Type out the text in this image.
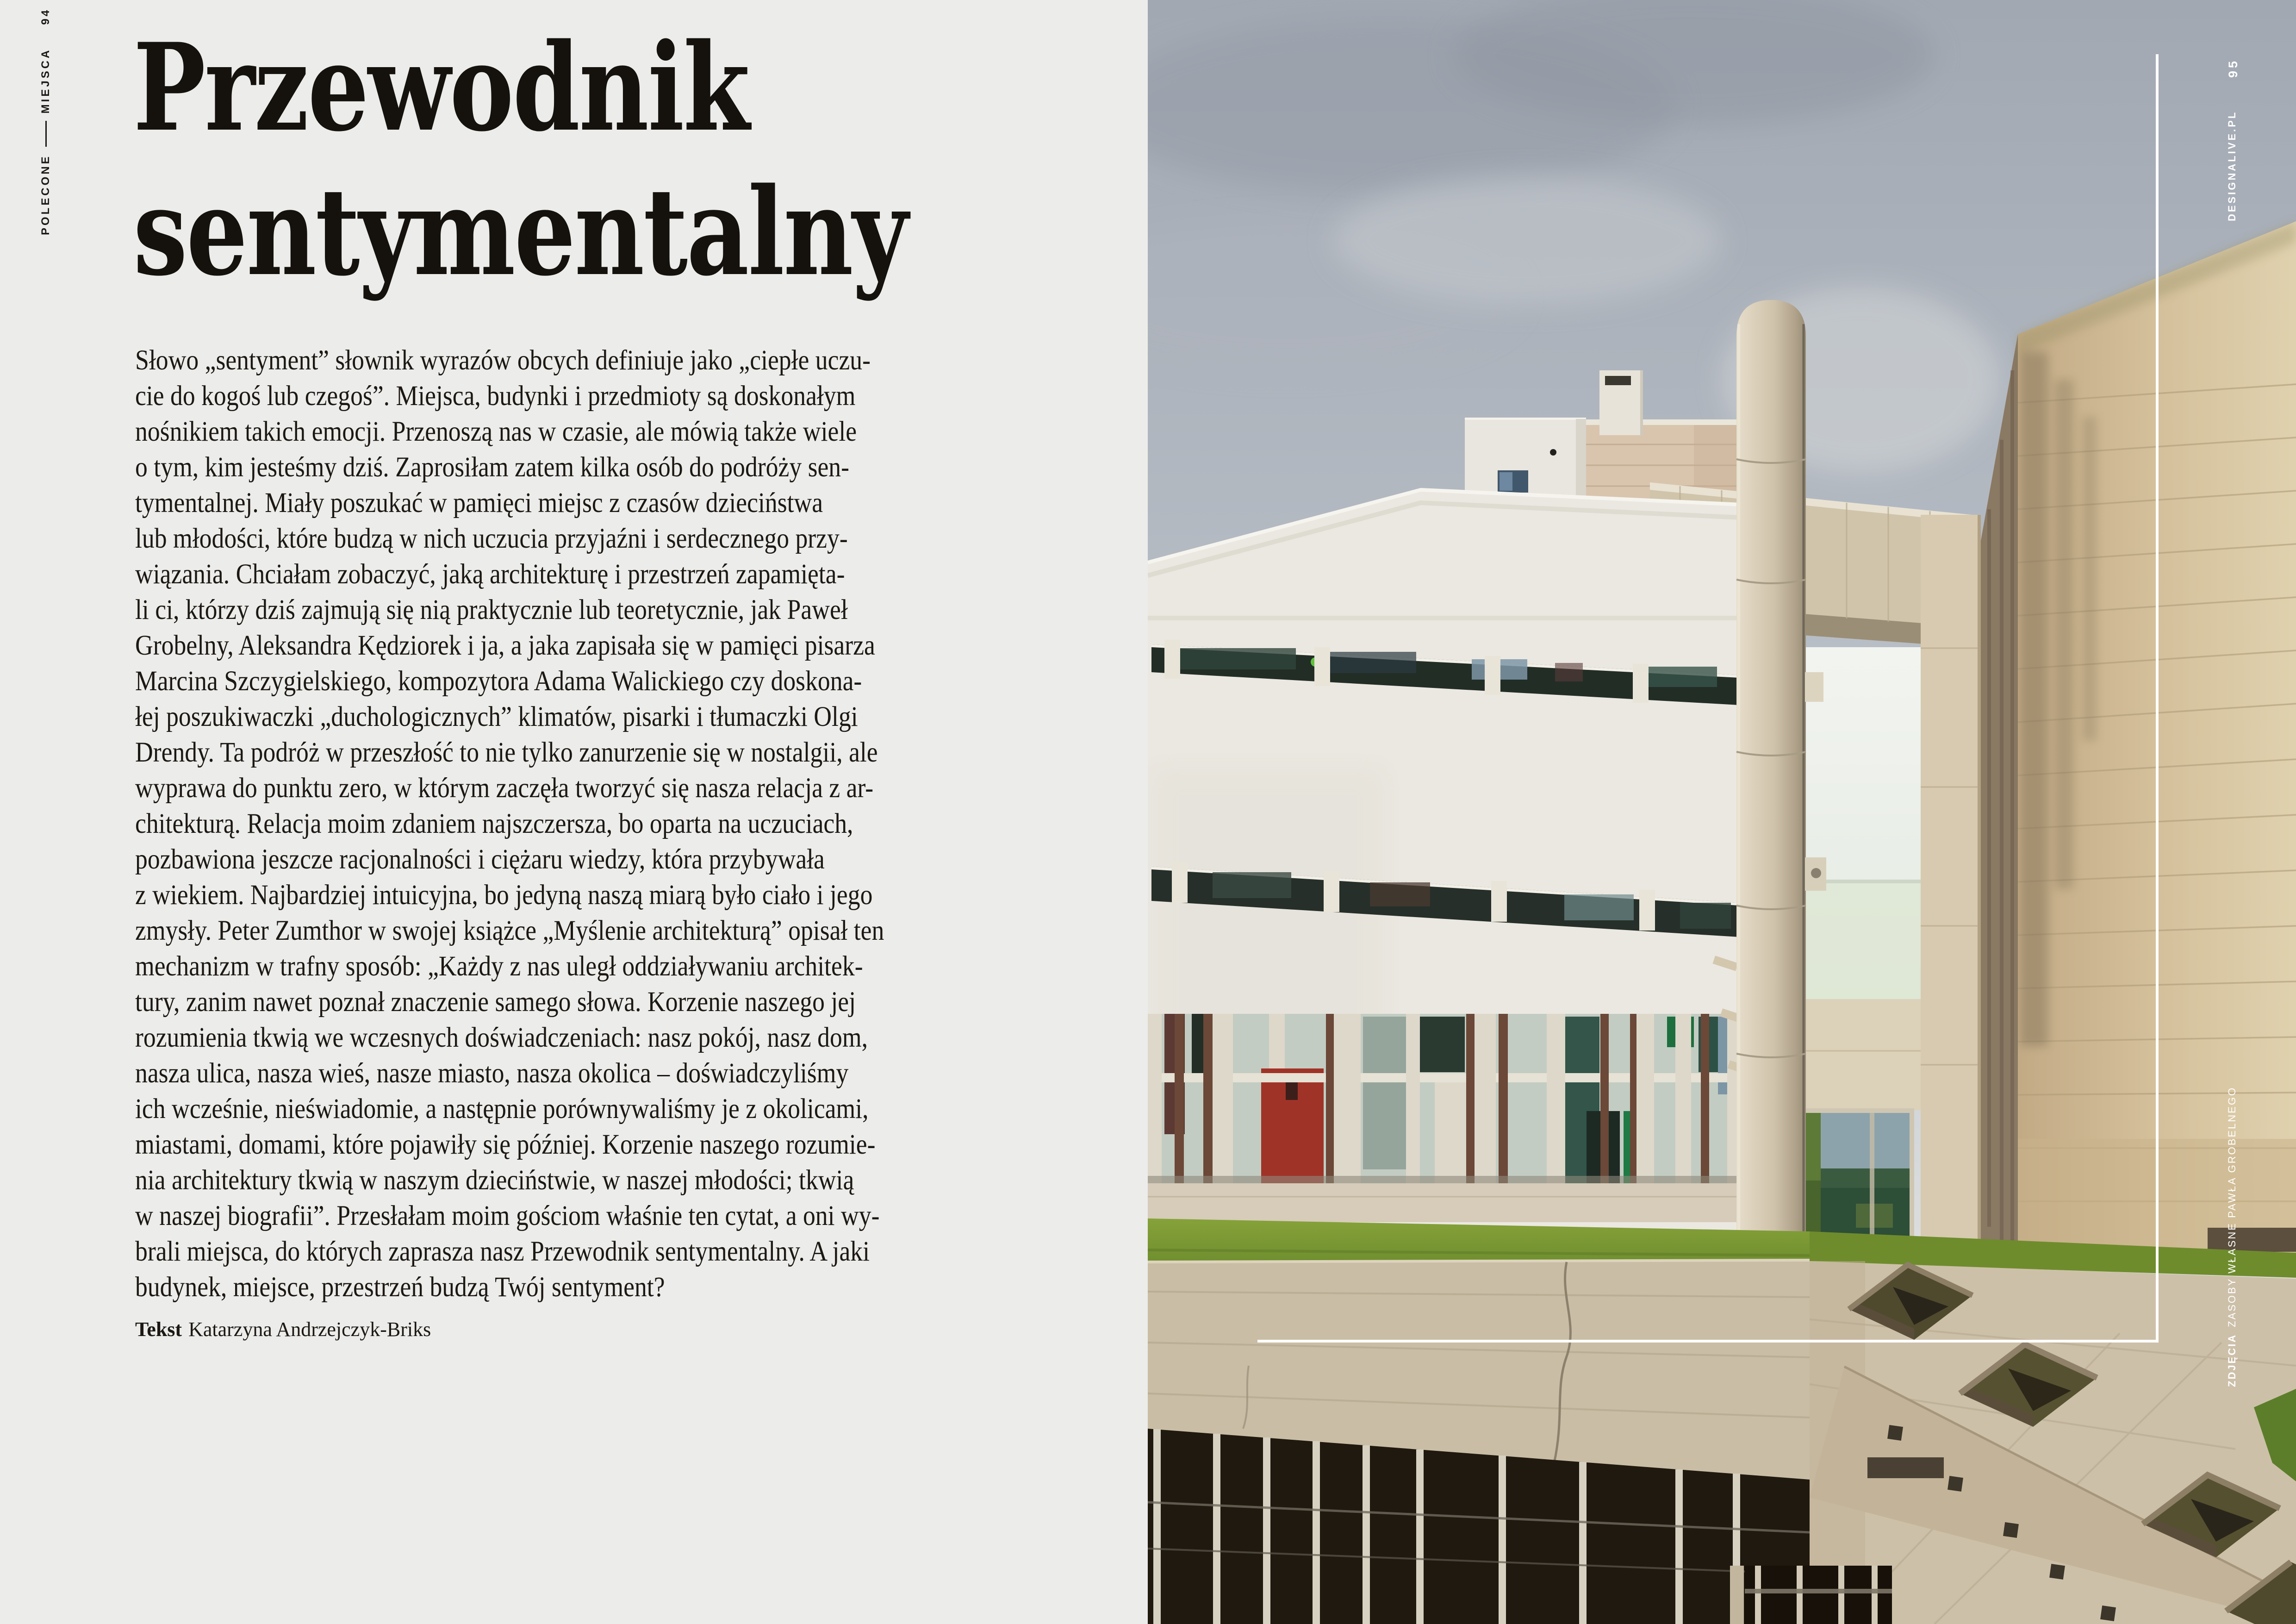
POLECONE
MIEJSCA
94
Przewodnik
sentymentalny
Słowo „sentyment” słownik wyrazów obcych definiuje jako „ciepłe uczu-
cie do kogoś lub czegoś”. Miejsca, budynki i przedmioty są doskonałym
nośnikiem takich emocji. Przenoszą nas w czasie, ale mówią także wiele
o tym, kim jesteśmy dziś. Zaprosiłam zatem kilka osób do podróży sen-
tymentalnej. Miały poszukać w pamięci miejsc z czasów dzieciństwa
lub młodości, które budzą w nich uczucia przyjaźni i serdecznego przy-
wiązania. Chciałam zobaczyć, jaką architekturę i przestrzeń zapamięta-
li ci, którzy dziś zajmują się nią praktycznie lub teoretycznie, jak Paweł
Grobelny, Aleksandra Kędziorek i ja, a jaka zapisała się w pamięci pisarza
Marcina Szczygielskiego, kompozytora Adama Walickiego czy doskona-
łej poszukiwaczki „duchologicznych” klimatów, pisarki i tłumaczki Olgi
Drendy. Ta podróż w przeszłość to nie tylko zanurzenie się w nostalgii, ale
wyprawa do punktu zero, w którym zaczęła tworzyć się nasza relacja z ar-
chitekturą. Relacja moim zdaniem najszczersza, bo oparta na uczuciach,
pozbawiona jeszcze racjonalności i ciężaru wiedzy, która przybywała
z wiekiem. Najbardziej intuicyjna, bo jedyną naszą miarą było ciało i jego
zmysły. Peter Zumthor w swojej książce „Myślenie architekturą” opisał ten
mechanizm w trafny sposób: „Każdy z nas uległ oddziaływaniu architek-
tury, zanim nawet poznał znaczenie samego słowa. Korzenie naszego jej
rozumienia tkwią we wczesnych doświadczeniach: nasz pokój, nasz dom,
nasza ulica, nasza wieś, nasze miasto, nasza okolica – doświadczyliśmy
ich wcześnie, nieświadomie, a następnie porównywaliśmy je z okolicami,
miastami, domami, które pojawiły się później. Korzenie naszego rozumie-
nia architektury tkwią w naszym dzieciństwie, w naszej młodości; tkwią
w naszej biografii”. Przesłałam moim gościom właśnie ten cytat, a oni wy-
brali miejsca, do których zaprasza nasz Przewodnik sentymentalny. A jaki
budynek, miejsce, przestrzeń budzą Twój sentyment?

Tekst Katarzyna Andrzejczyk-Briks

95
DESIGNALIVE.PL
ZDJĘCIAZASOBY WŁASNE PAWŁA GROBELNEGO
